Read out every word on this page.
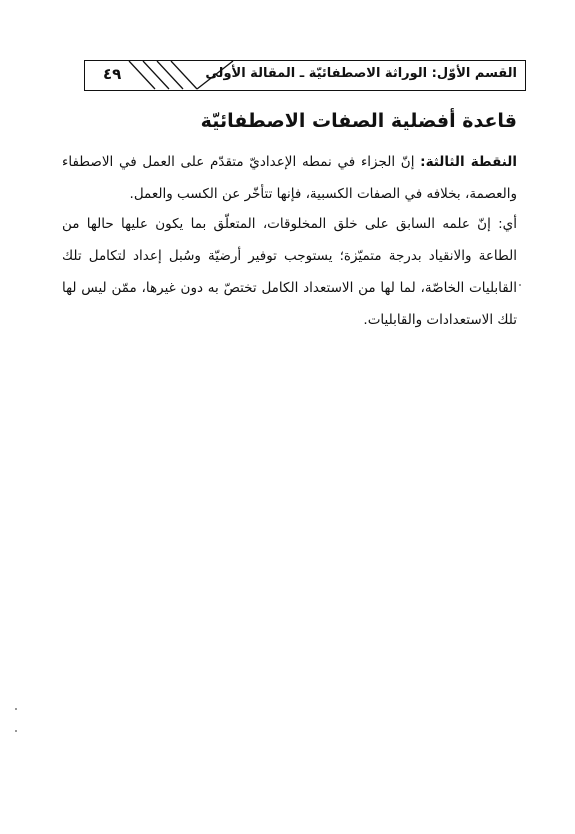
٤٩	القسم الأوّل: الوراثة الاصطفائيّة ـ المقالة الأولى
قاعدة أفضلية الصفات الاصطفائيّة
النقطة الثالثة: إنّ الجزاء في نمطه الإعداديّ متقدّم على العمل في الاصطفاء والعصمة، بخلافه في الصفات الكسبية، فإنها تتأخّر عن الكسب والعمل.
أي: إنّ علمه السابق على خلق المخلوقات، المتعلّق بما يكون عليها حالها من الطاعة والانقياد بدرجة متميّزة؛ يستوجب توفير أرضيّة وسُبل إعداد لتكامل تلك القابليات الخاصّة، لما لها من الاستعداد الكامل تختصّ به دون غيرها، ممّن ليس لها تلك الاستعدادات والقابليات.
